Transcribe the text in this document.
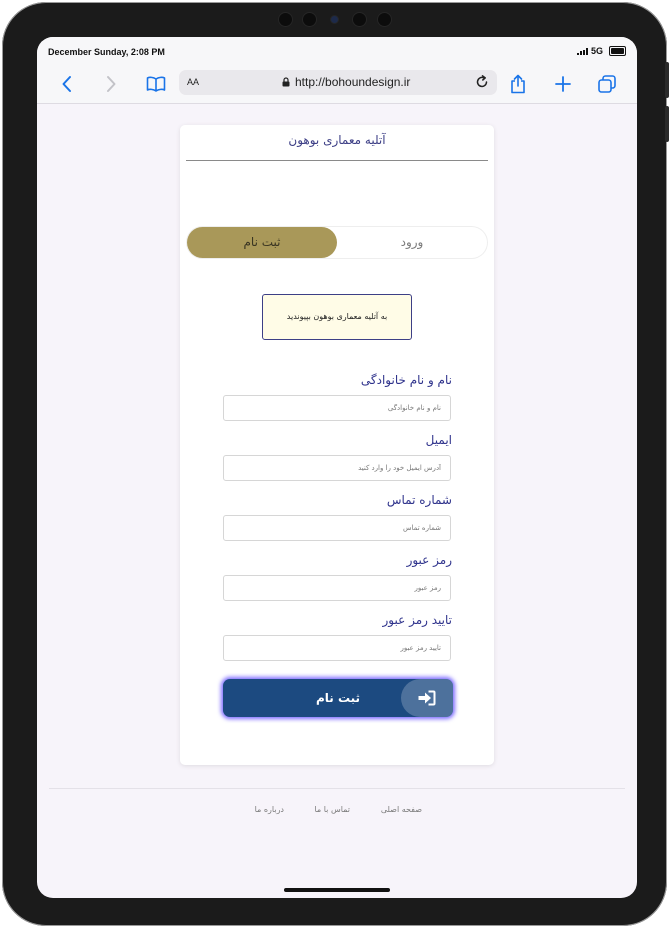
December Sunday, 2:08 PM	5G
AA	http://bohoundesign.ir
آتلیه معماری بوهون
ثبت نام	ورود
به آتلیه معماری بوهون بپیوندید
نام و نام خانوادگی
نام و نام خانوادگی
ایمیل
آدرس ایمیل خود را وارد کنید
شماره تماس
شماره تماس
رمز عبور
رمز عبور
تایید رمز عبور
تایید رمز عبور
ثبت نام
صفحه اصلی
تماس با ما
درباره ما
